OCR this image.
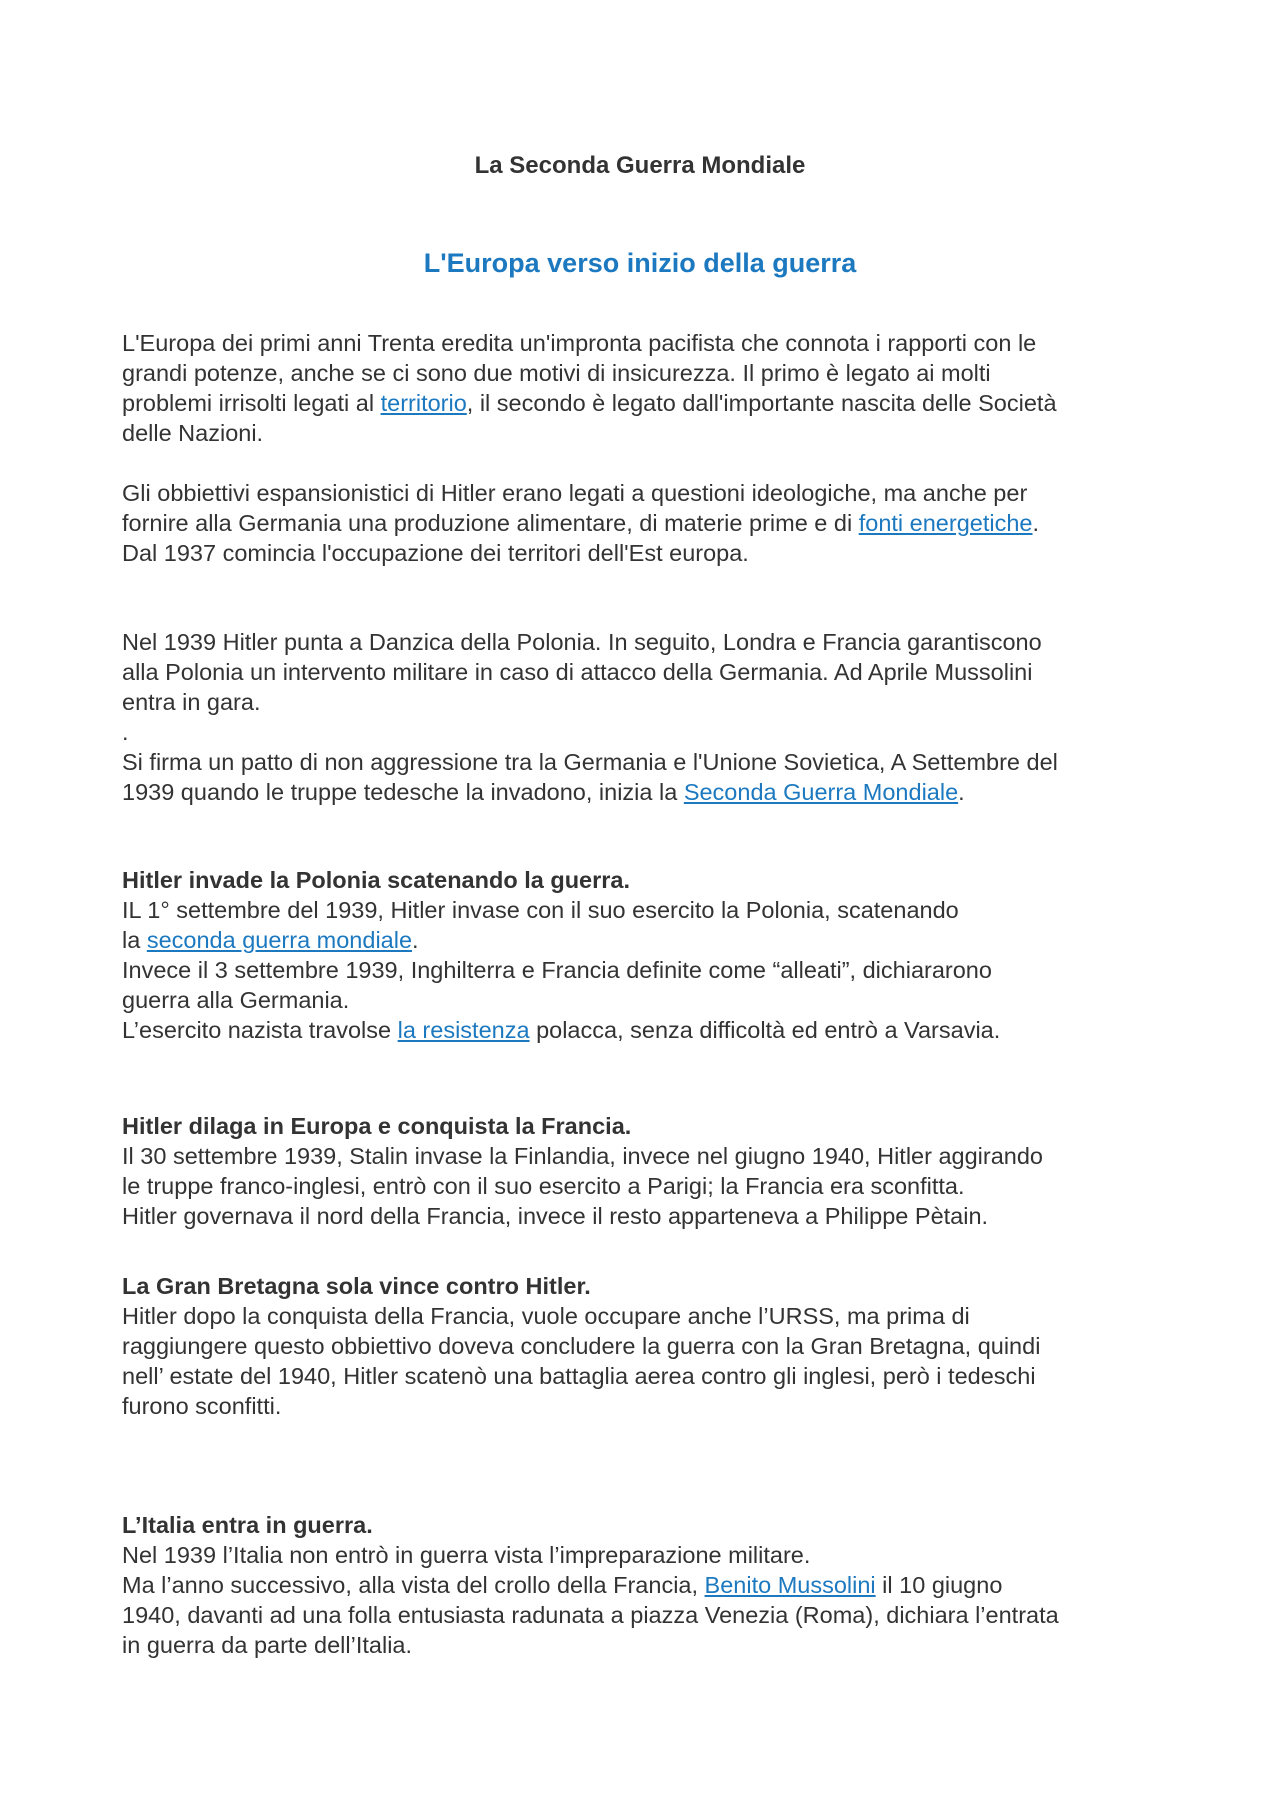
La Seconda Guerra Mondiale
L'Europa verso inizio della guerra
L'Europa dei primi anni Trenta eredita un'impronta pacifista che connota i rapporti con le
grandi potenze, anche se ci sono due motivi di insicurezza. Il primo è legato ai molti
problemi irrisolti legati al territorio, il secondo è legato dall'importante nascita delle Società
delle Nazioni.
Gli obbiettivi espansionistici di Hitler erano legati a questioni ideologiche, ma anche per
fornire alla Germania una produzione alimentare, di materie prime e di fonti energetiche.
Dal 1937 comincia l'occupazione dei territori dell'Est europa.
Nel 1939 Hitler punta a Danzica della Polonia. In seguito, Londra e Francia garantiscono
alla Polonia un intervento militare in caso di attacco della Germania. Ad Aprile Mussolini
entra in gara.
.
Si firma un patto di non aggressione tra la Germania e l'Unione Sovietica, A Settembre del
1939 quando le truppe tedesche la invadono, inizia la Seconda Guerra Mondiale.
Hitler invade la Polonia scatenando la guerra.
IL 1° settembre del 1939, Hitler invase con il suo esercito la Polonia, scatenando
la seconda guerra mondiale.
Invece il 3 settembre 1939, Inghilterra e Francia definite come “alleati”, dichiararono
guerra alla Germania.
L’esercito nazista travolse la resistenza polacca, senza difficoltà ed entrò a Varsavia.
Hitler dilaga in Europa e conquista la Francia.
Il 30 settembre 1939, Stalin invase la Finlandia, invece nel giugno 1940, Hitler aggirando
le truppe franco-inglesi, entrò con il suo esercito a Parigi; la Francia era sconfitta.
Hitler governava il nord della Francia, invece il resto apparteneva a Philippe Pètain.
La Gran Bretagna sola vince contro Hitler.
Hitler dopo la conquista della Francia, vuole occupare anche l’URSS, ma prima di
raggiungere questo obbiettivo doveva concludere la guerra con la Gran Bretagna, quindi
nell’ estate del 1940, Hitler scatenò una battaglia aerea contro gli inglesi, però i tedeschi
furono sconfitti.
L’Italia entra in guerra.
Nel 1939 l’Italia non entrò in guerra vista l’impreparazione militare.
Ma l’anno successivo, alla vista del crollo della Francia, Benito Mussolini il 10 giugno
1940, davanti ad una folla entusiasta radunata a piazza Venezia (Roma), dichiara l’entrata
in guerra da parte dell’Italia.
